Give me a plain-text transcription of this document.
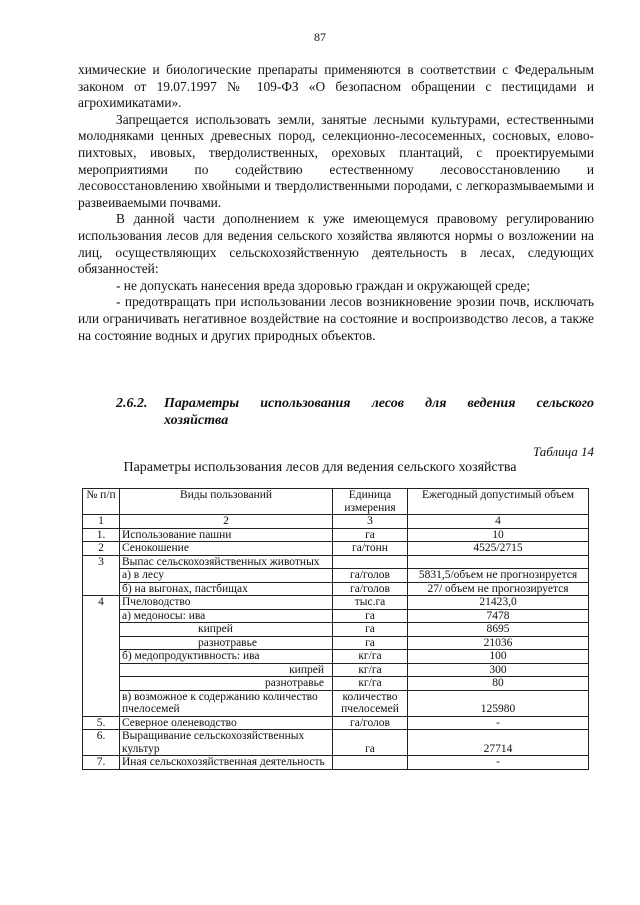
87

химические и биологические препараты применяются в соответствии с Федеральным законом от 19.07.1997 № 109-ФЗ «О безопасном обращении с пестицидами и агрохимикатами».

Запрещается использовать земли, занятые лесными культурами, естественными молодняками ценных древесных пород, селекционно-лесосеменных, сосновых, елово-пихтовых, ивовых, твердолиственных, ореховых плантаций, с проектируемыми мероприятиями по содействию естественному лесовосстановлению и лесовосстановлению хвойными и твердолиственными породами, с легкоразмываемыми и развеиваемыми почвами.

В данной части дополнением к уже имеющемуся правовому регулированию использования лесов для ведения сельского хозяйства являются нормы о возложении на лиц, осуществляющих сельскохозяйственную деятельность в лесах, следующих обязанностей:

- не допускать нанесения вреда здоровью граждан и окружающей среде;

- предотвращать при использовании лесов возникновение эрозии почв, исключать или ограничивать негативное воздействие на состояние и воспроизводство лесов, а также на состояние водных и других природных объектов.

2.6.2. Параметры использования лесов для ведения сельского
хозяйства
Таблица 14
Параметры использования лесов для ведения сельского хозяйства
№ п/п	Виды пользований	Единица измерения	Ежегодный допустимый объем
1	2	3	4
1.	Использование пашни	га	10
2	Сенокошение	га/тонн	4525/2715
3	Выпас сельскохозяйственных животных		
	а) в лесу	га/голов	5831,5/объем не прогнозируется
	б) на выгонах, пастбищах	га/голов	27/ объем не прогнозируется
4	Пчеловодство	тыс.га	21423,0
	а) медоносы: ива	га	7478
	кипрей	га	8695
	разнотравье	га	21036
	б) медопродуктивность: ива	кг/га	100
	кипрей	кг/га	300
	разнотравье	кг/га	80
	в) возможное к содержанию количество пчелосемей	количество пчелосемей	125980
5.	Северное оленеводство	га/голов	-
6.	Выращивание сельскохозяйственных культур	га	27714
7.	Иная сельскохозяйственная деятельность		-
